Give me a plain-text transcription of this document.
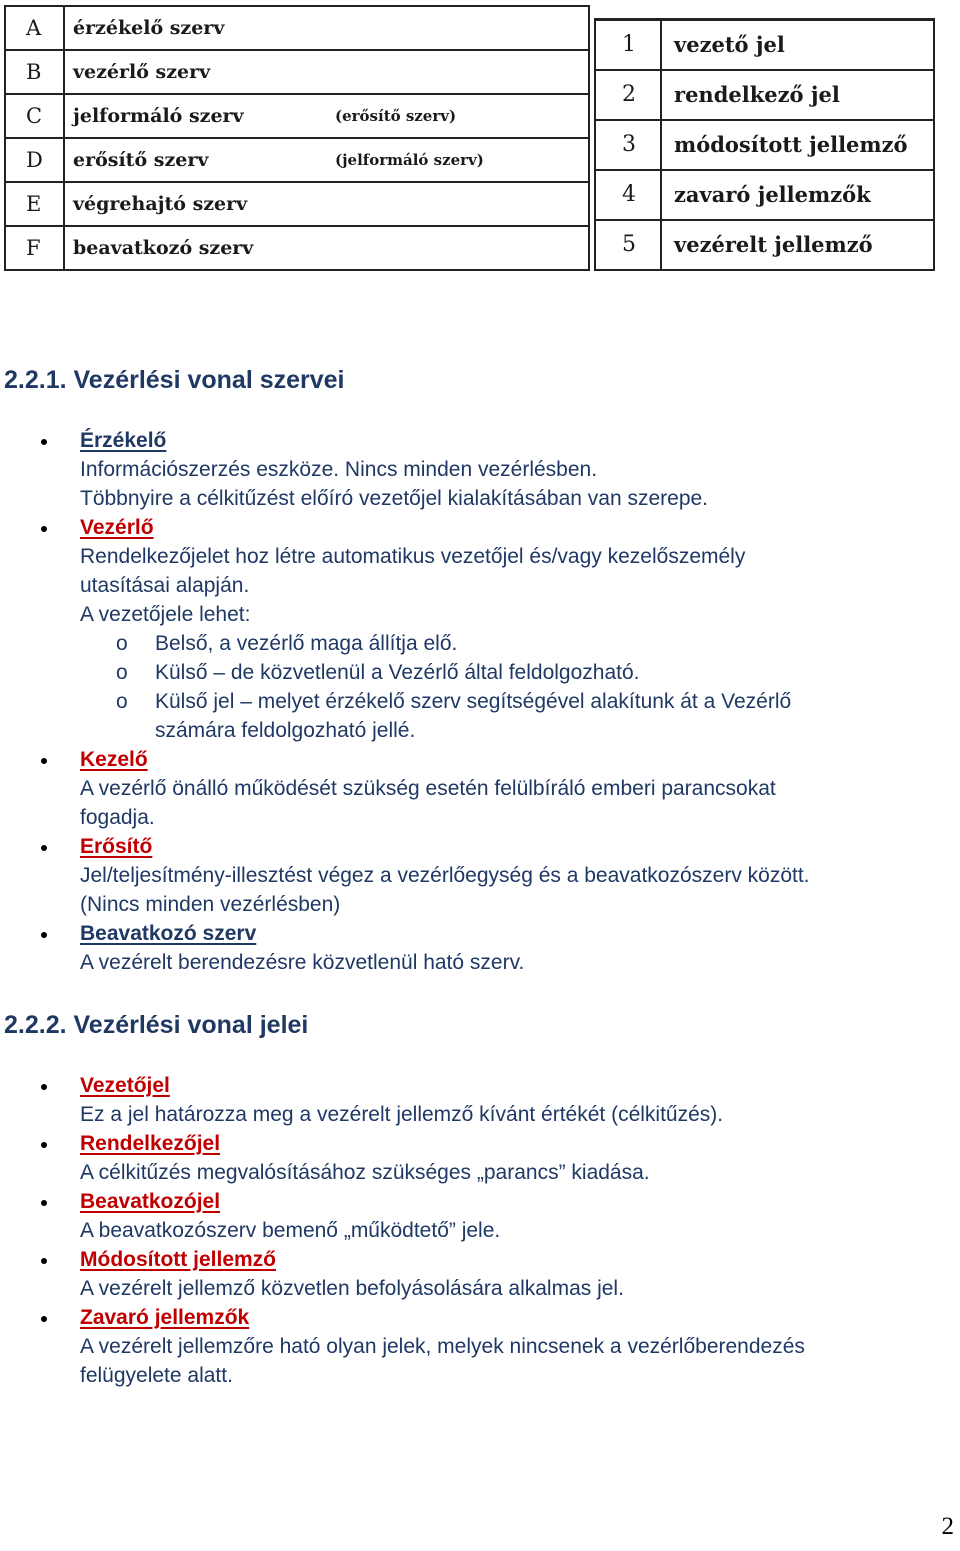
A	érzékelő szerv
B	vezérlő szerv
C	jelformáló szerv (erősítő szerv)

D	erősítő szerv (jelformáló szerv)

E	végrehajtó szerv
F	beavatkozó szerv
1	vezető jel
2	rendelkező jel
3	módosított jellemző
4	zavaró jellemzők
5	vezérelt jellemző
2.2.1. Vezérlési vonal szervei
Érzékelő
Információszerzés eszköze. Nincs minden vezérlésben.
Többnyire a célkitűzést előíró vezetőjel kialakításában van szerepe.
Vezérlő
Rendelkezőjelet hoz létre automatikus vezetőjel és/vagy kezelőszemély
utasításai alapján.
A vezetőjele lehet:
o Belső, a vezérlő maga állítja elő.
o Külső – de közvetlenül a Vezérlő által feldolgozható.
o Külső jel – melyet érzékelő szerv segítségével alakítunk át a Vezérlő
számára feldolgozható jellé.
Kezelő
A vezérlő önálló működését szükség esetén felülbíráló emberi parancsokat
fogadja.
Erősítő
Jel/teljesítmény-illesztést végez a vezérlőegység és a beavatkozószerv között.
(Nincs minden vezérlésben)
Beavatkozó szerv
A vezérelt berendezésre közvetlenül ható szerv.
2.2.2. Vezérlési vonal jelei
Vezetőjel
Ez a jel határozza meg a vezérelt jellemző kívánt értékét (célkitűzés).
Rendelkezőjel
A célkitűzés megvalósításához szükséges „parancs” kiadása.
Beavatkozójel
A beavatkozószerv bemenő „működtető” jele.
Módosított jellemző
A vezérelt jellemző közvetlen befolyásolására alkalmas jel.
Zavaró jellemzők
A vezérelt jellemzőre ható olyan jelek, melyek nincsenek a vezérlőberendezés
felügyelete alatt.
2
